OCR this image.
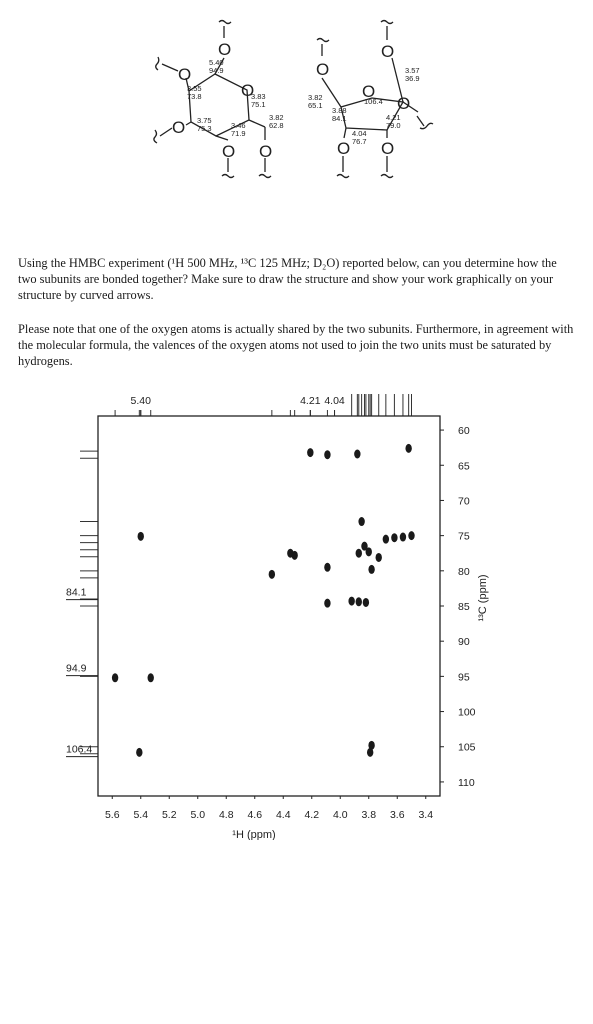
O
O
O
O
O O
O
O
O
O
O O
5.40
94.9
3.55
73.8	3.83
75.1
3.75
75.3	3.46
71.9
3.82
62.8
3.82
65.1
3.88
84.1
106.4
3.57
36.9
4.21
79.0
4.04
76.7

Using the HMBC experiment (¹H 500 MHz, ¹³C 125 MHz; D₂O) reported below, can you determine how the two subunits are bonded together? Make sure to draw the structure and show your work graphically on your structure by curved arrows.

Please note that one of the oxygen atoms is actually shared by the two subunits. Furthermore, in agreement with the molecular formula, the valences of the oxygen atoms not used to join the two units must be saturated by hydrogens.

5.6 5.4 5.2 5.0 4.8 4.6 4.4 4.2 4.0 3.8 3.6 3.4
60
65
70
75
80
85
90
95
100
105
110
5.40	4.21 4.04
84.1
94.9
106.4
¹H (ppm)
¹³C (ppm)
